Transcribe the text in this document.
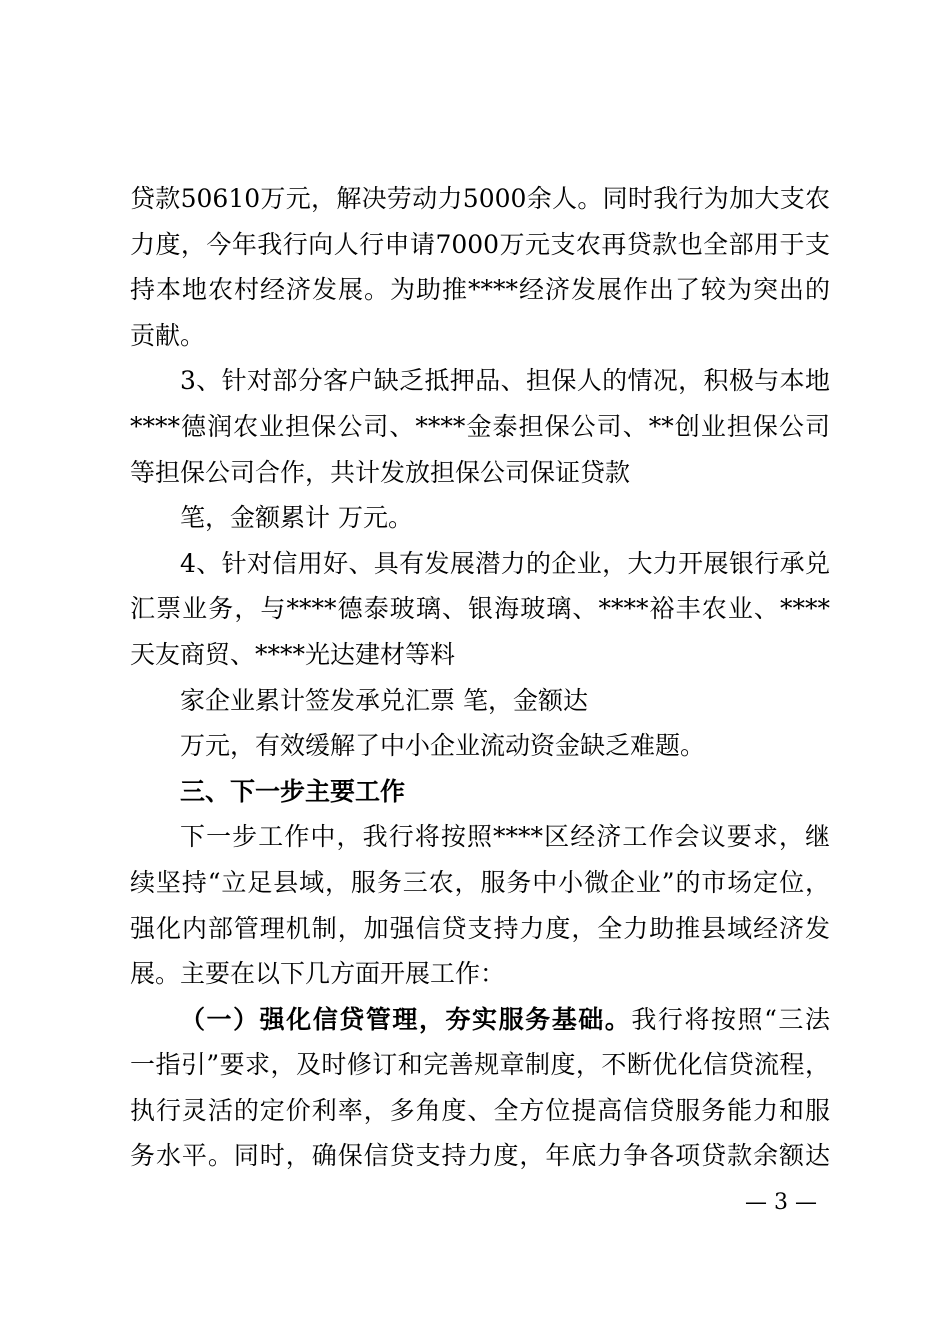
贷款50610万元，解决劳动力5000余人。同时我行为加大支农
力度，今年我行向人行申请7000万元支农再贷款也全部用于支
持本地农村经济发展。为助推****经济发展作出了较为突出的
贡献。
3、针对部分客户缺乏抵押品、担保人的情况，积极与本地
****德润农业担保公司、****金泰担保公司、**创业担保公司
等担保公司合作，共计发放担保公司保证贷款
笔，金额累计 万元。
4、针对信用好、具有发展潜力的企业，大力开展银行承兑
汇票业务，与****德泰玻璃、银海玻璃、****裕丰农业、****
天友商贸、****光达建材等料
家企业累计签发承兑汇票 笔，金额达
万元，有效缓解了中小企业流动资金缺乏难题。
三、下一步主要工作
下一步工作中，我行将按照****区经济工作会议要求，继
续坚持“立足县域，服务三农，服务中小微企业”的市场定位，
强化内部管理机制，加强信贷支持力度，全力助推县域经济发
展。主要在以下几方面开展工作：
（一）强化信贷管理，夯实服务基础。我行将按照“三法
一指引”要求，及时修订和完善规章制度，不断优化信贷流程，
执行灵活的定价利率，多角度、全方位提高信贷服务能力和服
务水平。同时，确保信贷支持力度，年底力争各项贷款余额达
— 3 —
